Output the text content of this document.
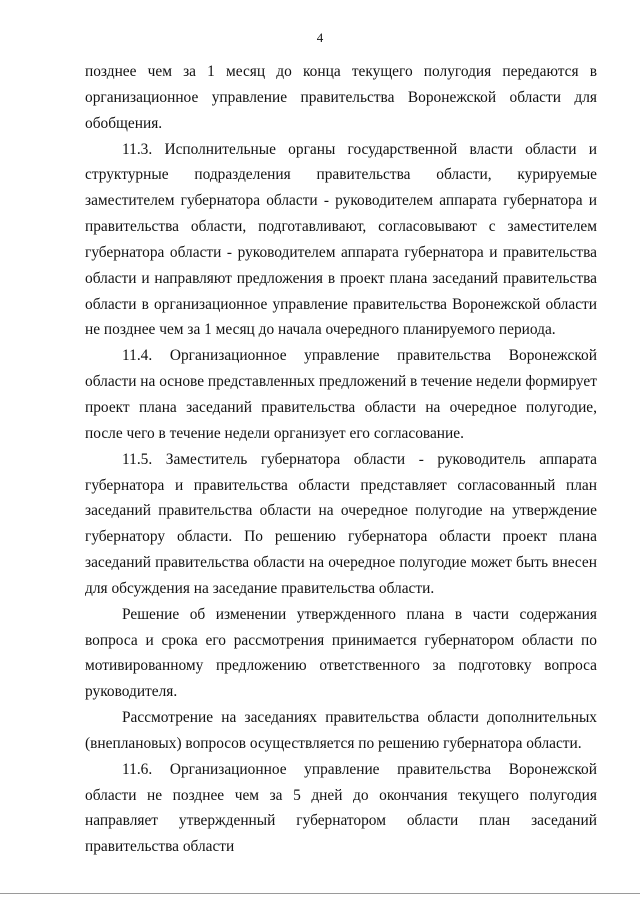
4

позднее чем за 1 месяц до конца текущего полугодия передаются в организационное управление правительства Воронежской области для обобщения.

11.3. Исполнительные органы государственной власти области и структурные подразделения правительства области, курируемые заместителем губернатора области - руководителем аппарата губернатора и правительства области, подготавливают, согласовывают с заместителем губернатора области - руководителем аппарата губернатора и правительства области и направляют предложения в проект плана заседаний правительства области в организационное управление правительства Воронежской области не позднее чем за 1 месяц до начала очередного планируемого периода.

11.4. Организационное управление правительства Воронежской области на основе представленных предложений в течение недели формирует проект плана заседаний правительства области на очередное полугодие, после чего в течение недели организует его согласование.

11.5. Заместитель губернатора области - руководитель аппарата губернатора и правительства области представляет согласованный план заседаний правительства области на очередное полугодие на утверждение губернатору области. По решению губернатора области проект плана заседаний правительства области на очередное полугодие может быть внесен для обсуждения на заседание правительства области.

Решение об изменении утвержденного плана в части содержания вопроса и срока его рассмотрения принимается губернатором области по мотивированному предложению ответственного за подготовку вопроса руководителя.

Рассмотрение на заседаниях правительства области дополнительных (внеплановых) вопросов осуществляется по решению губернатора области.

11.6. Организационное управление правительства Воронежской области не позднее чем за 5 дней до окончания текущего полугодия направляет утвержденный губернатором области план заседаний правительства области
